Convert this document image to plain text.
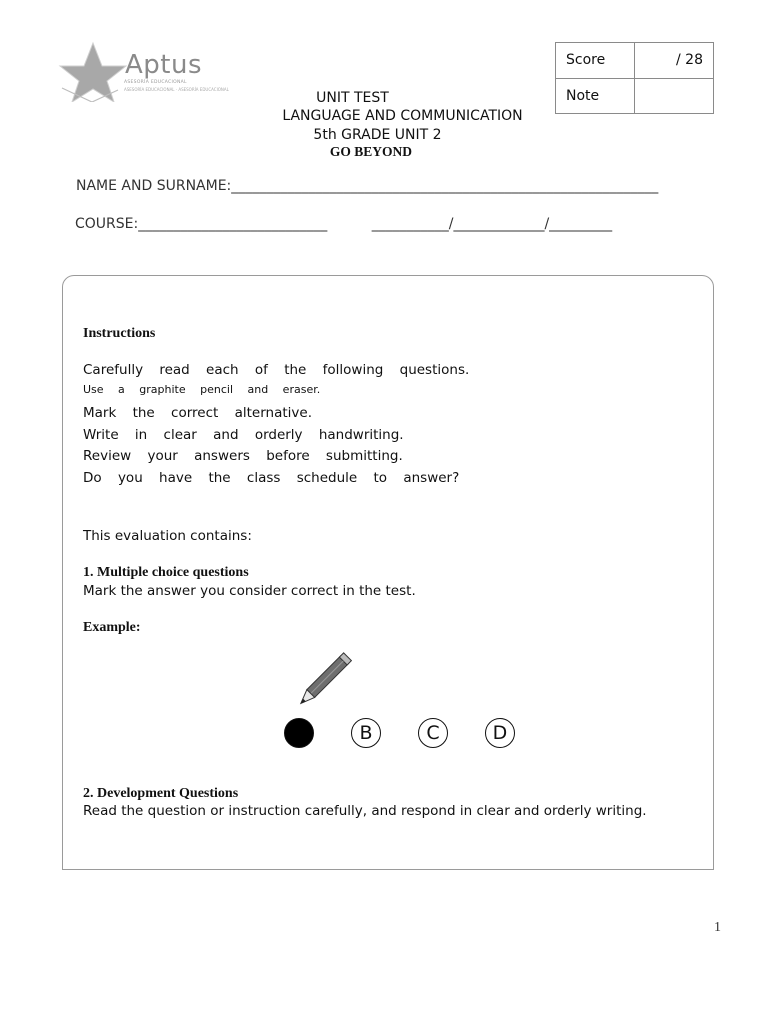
Aptus
ASESORÍA EDUCACIONAL
ASESORÍA EDUCACIONAL · ASESORÍA EDUCACIONAL
Score	/ 28
Note	
UNIT TEST
LANGUAGE AND COMMUNICATION
5th GRADE UNIT 2
GO BEYOND
NAME AND SURNAME:_____________________________________________________________
COURSE:___________________________          ___________/_____________/_________
Instructions
Carefully read each of the following questions.
Use a graphite pencil and eraser.
Mark the correct alternative.
Write in clear and orderly handwriting.
Review your answers before submitting.
Do you have the class schedule to answer?
This evaluation contains:
1. Multiple choice questions
Mark the answer you consider correct in the test.
Example:
B	C	D
2. Development Questions
Read the question or instruction carefully, and respond in clear and orderly writing.
1
